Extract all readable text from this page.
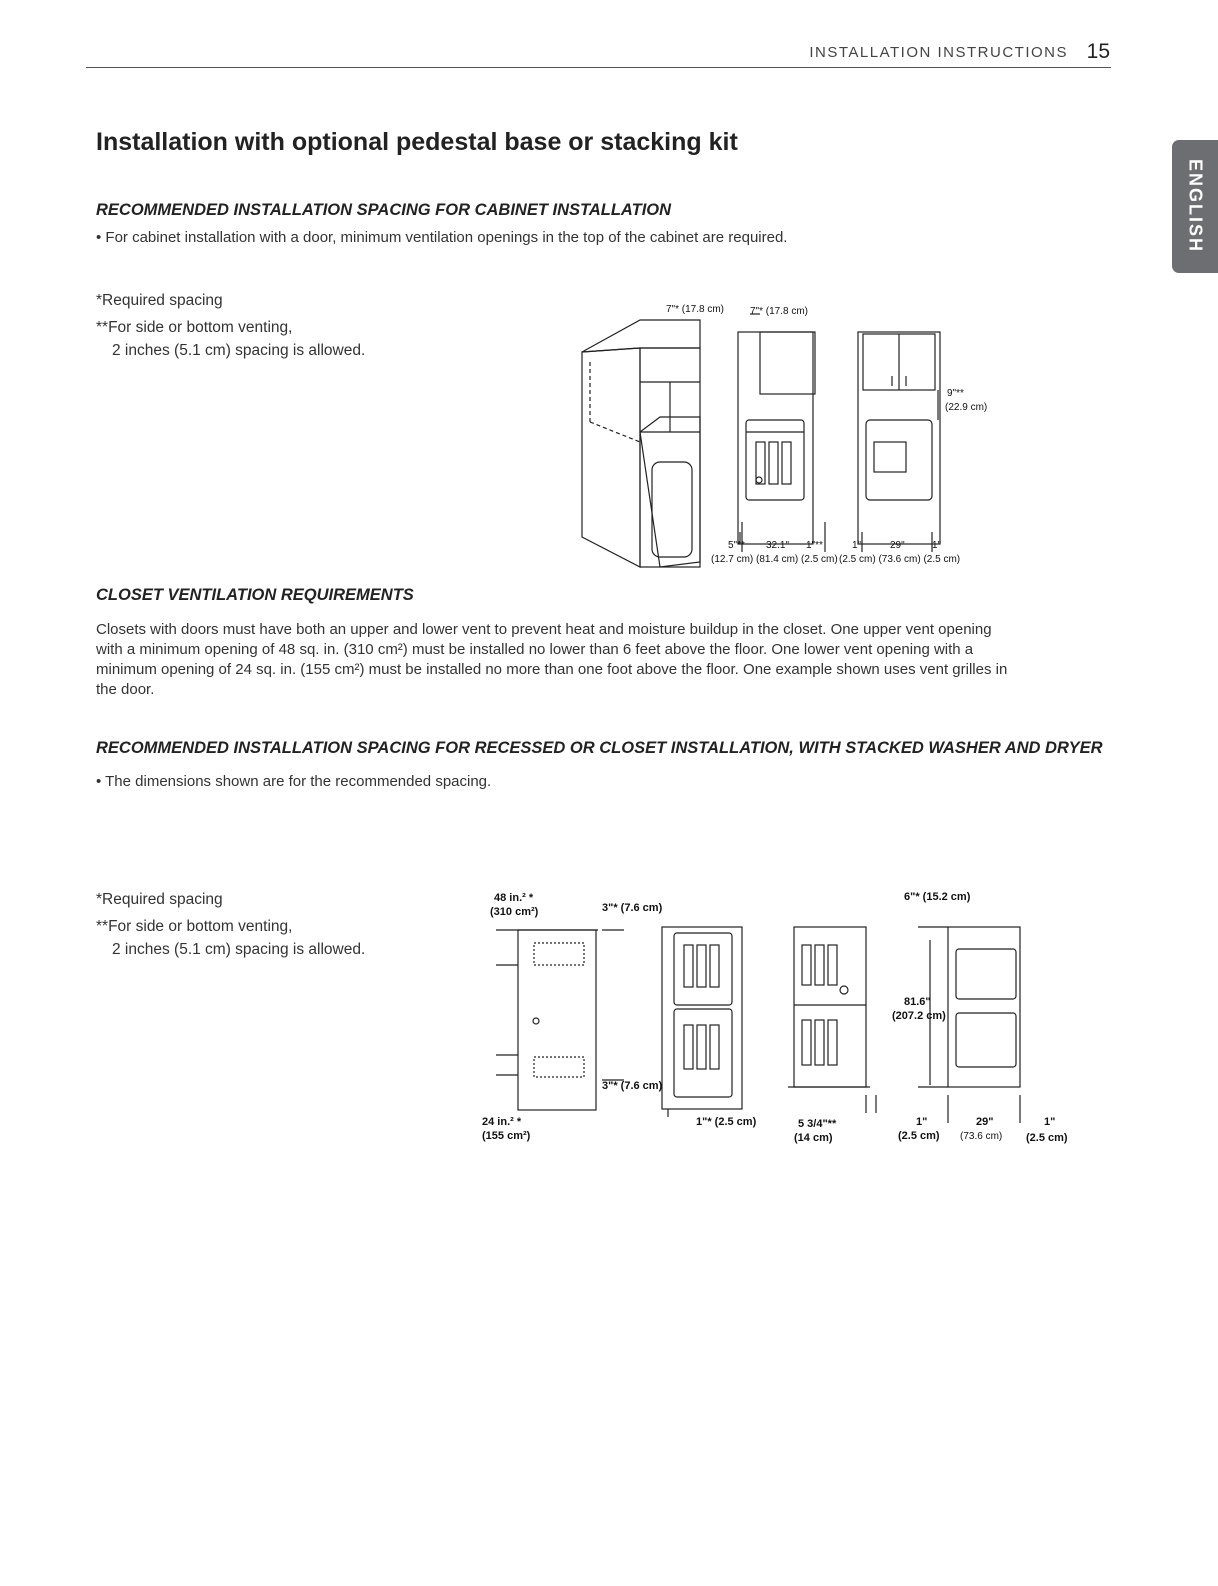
INSTALLATION INSTRUCTIONS 15
ENGLISH
Installation with optional pedestal base or stacking kit
RECOMMENDED INSTALLATION SPACING FOR CABINET INSTALLATION

• For cabinet installation with a door, minimum ventilation openings in the top of the cabinet are required.

*Required spacing
**For side or bottom venting,
2 inches (5.1 cm) spacing is allowed.
7"* (17.8 cm)	7"* (17.8 cm)
9"**
(22.9 cm)
5"** 32.1" 1"**
(12.7 cm) (81.4 cm) (2.5 cm)
1"	29"	1"
(2.5 cm) (73.6 cm) (2.5 cm)
CLOSET VENTILATION REQUIREMENTS
Closets with doors must have both an upper and lower vent to prevent heat and moisture buildup in the closet. One upper vent opening
with a minimum opening of 48 sq. in. (310 cm²) must be installed no lower than 6 feet above the floor. One lower vent opening with a
minimum opening of 24 sq. in. (155 cm²) must be installed no more than one foot above the floor. One example shown uses vent grilles in
the door.
RECOMMENDED INSTALLATION SPACING FOR RECESSED OR CLOSET INSTALLATION, WITH STACKED WASHER AND DRYER

• The dimensions shown are for the recommended spacing.

*Required spacing
**For side or bottom venting,
2 inches (5.1 cm) spacing is allowed.
48 in.² *
(310 cm²)
24 in.² *
(155 cm²)
3"* (7.6 cm)
3"* (7.6 cm)
1"* (2.5 cm)	5 3/4"**
(14 cm)
6"* (15.2 cm)
81.6"
(207.2 cm)
1"
(2.5 cm)
29"
(73.6 cm)
1"
(2.5 cm)
